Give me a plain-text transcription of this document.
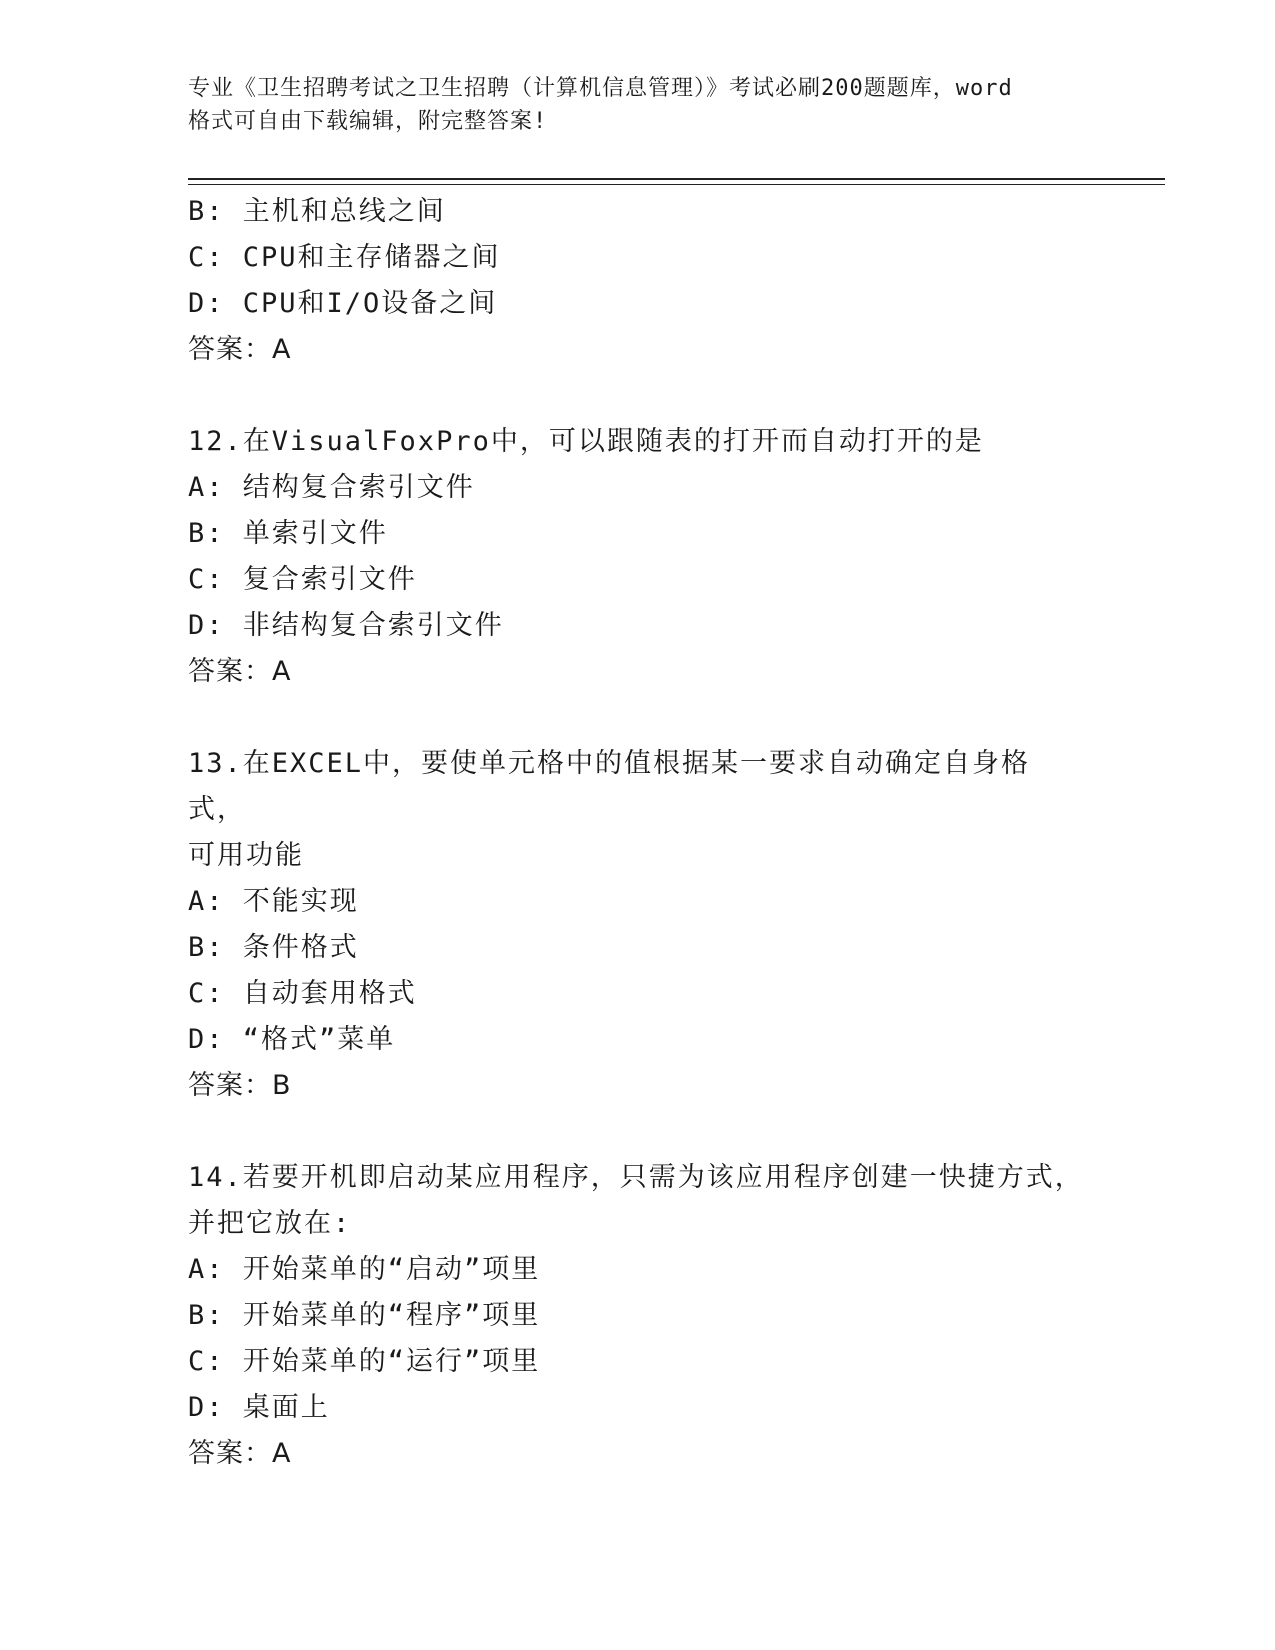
专业《卫生招聘考试之卫生招聘（计算机信息管理）》考试必刷200题题库，word
格式可自由下载编辑，附完整答案!
B: 主机和总线之间
C: CPU和主存储器之间
D: CPU和I/O设备之间
答案：A
12.在VisualFoxPro中，可以跟随表的打开而自动打开的是
A: 结构复合索引文件
B: 单索引文件
C: 复合索引文件
D: 非结构复合索引文件
答案：A
13.在EXCEL中，要使单元格中的值根据某一要求自动确定自身格式，
可用功能
A: 不能实现
B: 条件格式
C: 自动套用格式
D: “格式”菜单
答案：B
14.若要开机即启动某应用程序，只需为该应用程序创建一快捷方式，
并把它放在:
A: 开始菜单的“启动”项里
B: 开始菜单的“程序”项里
C: 开始菜单的“运行”项里
D: 桌面上
答案：A
